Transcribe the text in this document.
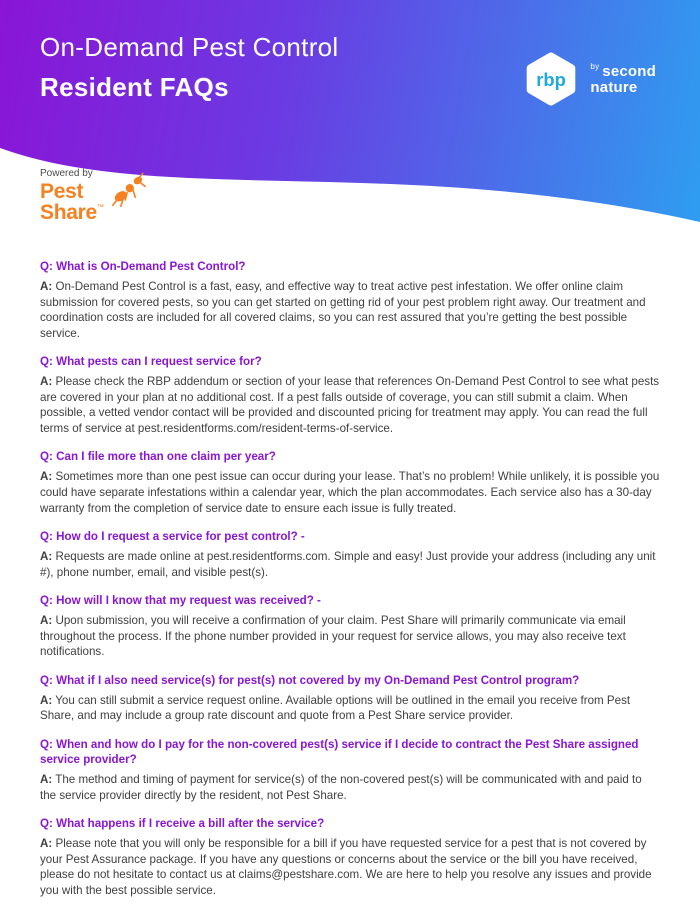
On-Demand Pest Control
Resident FAQs	rbp
$^{by}$ second
nature
Powered by
Pest
Share™
Q: What is On-Demand Pest Control?

A: On-Demand Pest Control is a fast, easy, and effective way to treat active pest infestation. We offer online claim submission for covered pests, so you can get started on getting rid of your pest problem right away. Our treatment and coordination costs are included for all covered claims, so you can rest assured that you’re getting the best possible service.

Q: What pests can I request service for?

A: Please check the RBP addendum or section of your lease that references On-Demand Pest Control to see what pests are covered in your plan at no additional cost. If a pest falls outside of coverage, you can still submit a claim. When possible, a vetted vendor contact will be provided and discounted pricing for treatment may apply. You can read the full terms of service at pest.residentforms.com/resident-terms-of-service.

Q: Can I file more than one claim per year?

A: Sometimes more than one pest issue can occur during your lease. That’s no problem! While unlikely, it is possible you could have separate infestations within a calendar year, which the plan accommodates. Each service also has a 30-day warranty from the completion of service date to ensure each issue is fully treated.

Q: How do I request a service for pest control? -

A: Requests are made online at pest.residentforms.com. Simple and easy! Just provide your address (including any unit #), phone number, email, and visible pest(s).

Q: How will I know that my request was received? -

A: Upon submission, you will receive a confirmation of your claim. Pest Share will primarily communicate via email throughout the process. If the phone number provided in your request for service allows, you may also receive text notifications.

Q: What if I also need service(s) for pest(s) not covered by my On-Demand Pest Control program?

A: You can still submit a service request online. Available options will be outlined in the email you receive from Pest Share, and may include a group rate discount and quote from a Pest Share service provider.

Q: When and how do I pay for the non-covered pest(s) service if I decide to contract the Pest Share assigned service provider?

A: The method and timing of payment for service(s) of the non-covered pest(s) will be communicated with and paid to the service provider directly by the resident, not Pest Share.

Q: What happens if I receive a bill after the service?

A: Please note that you will only be responsible for a bill if you have requested service for a pest that is not covered by your Pest Assurance package. If you have any questions or concerns about the service or the bill you have received, please do not hesitate to contact us at claims@pestshare.com. We are here to help you resolve any issues and provide you with the best possible service.
